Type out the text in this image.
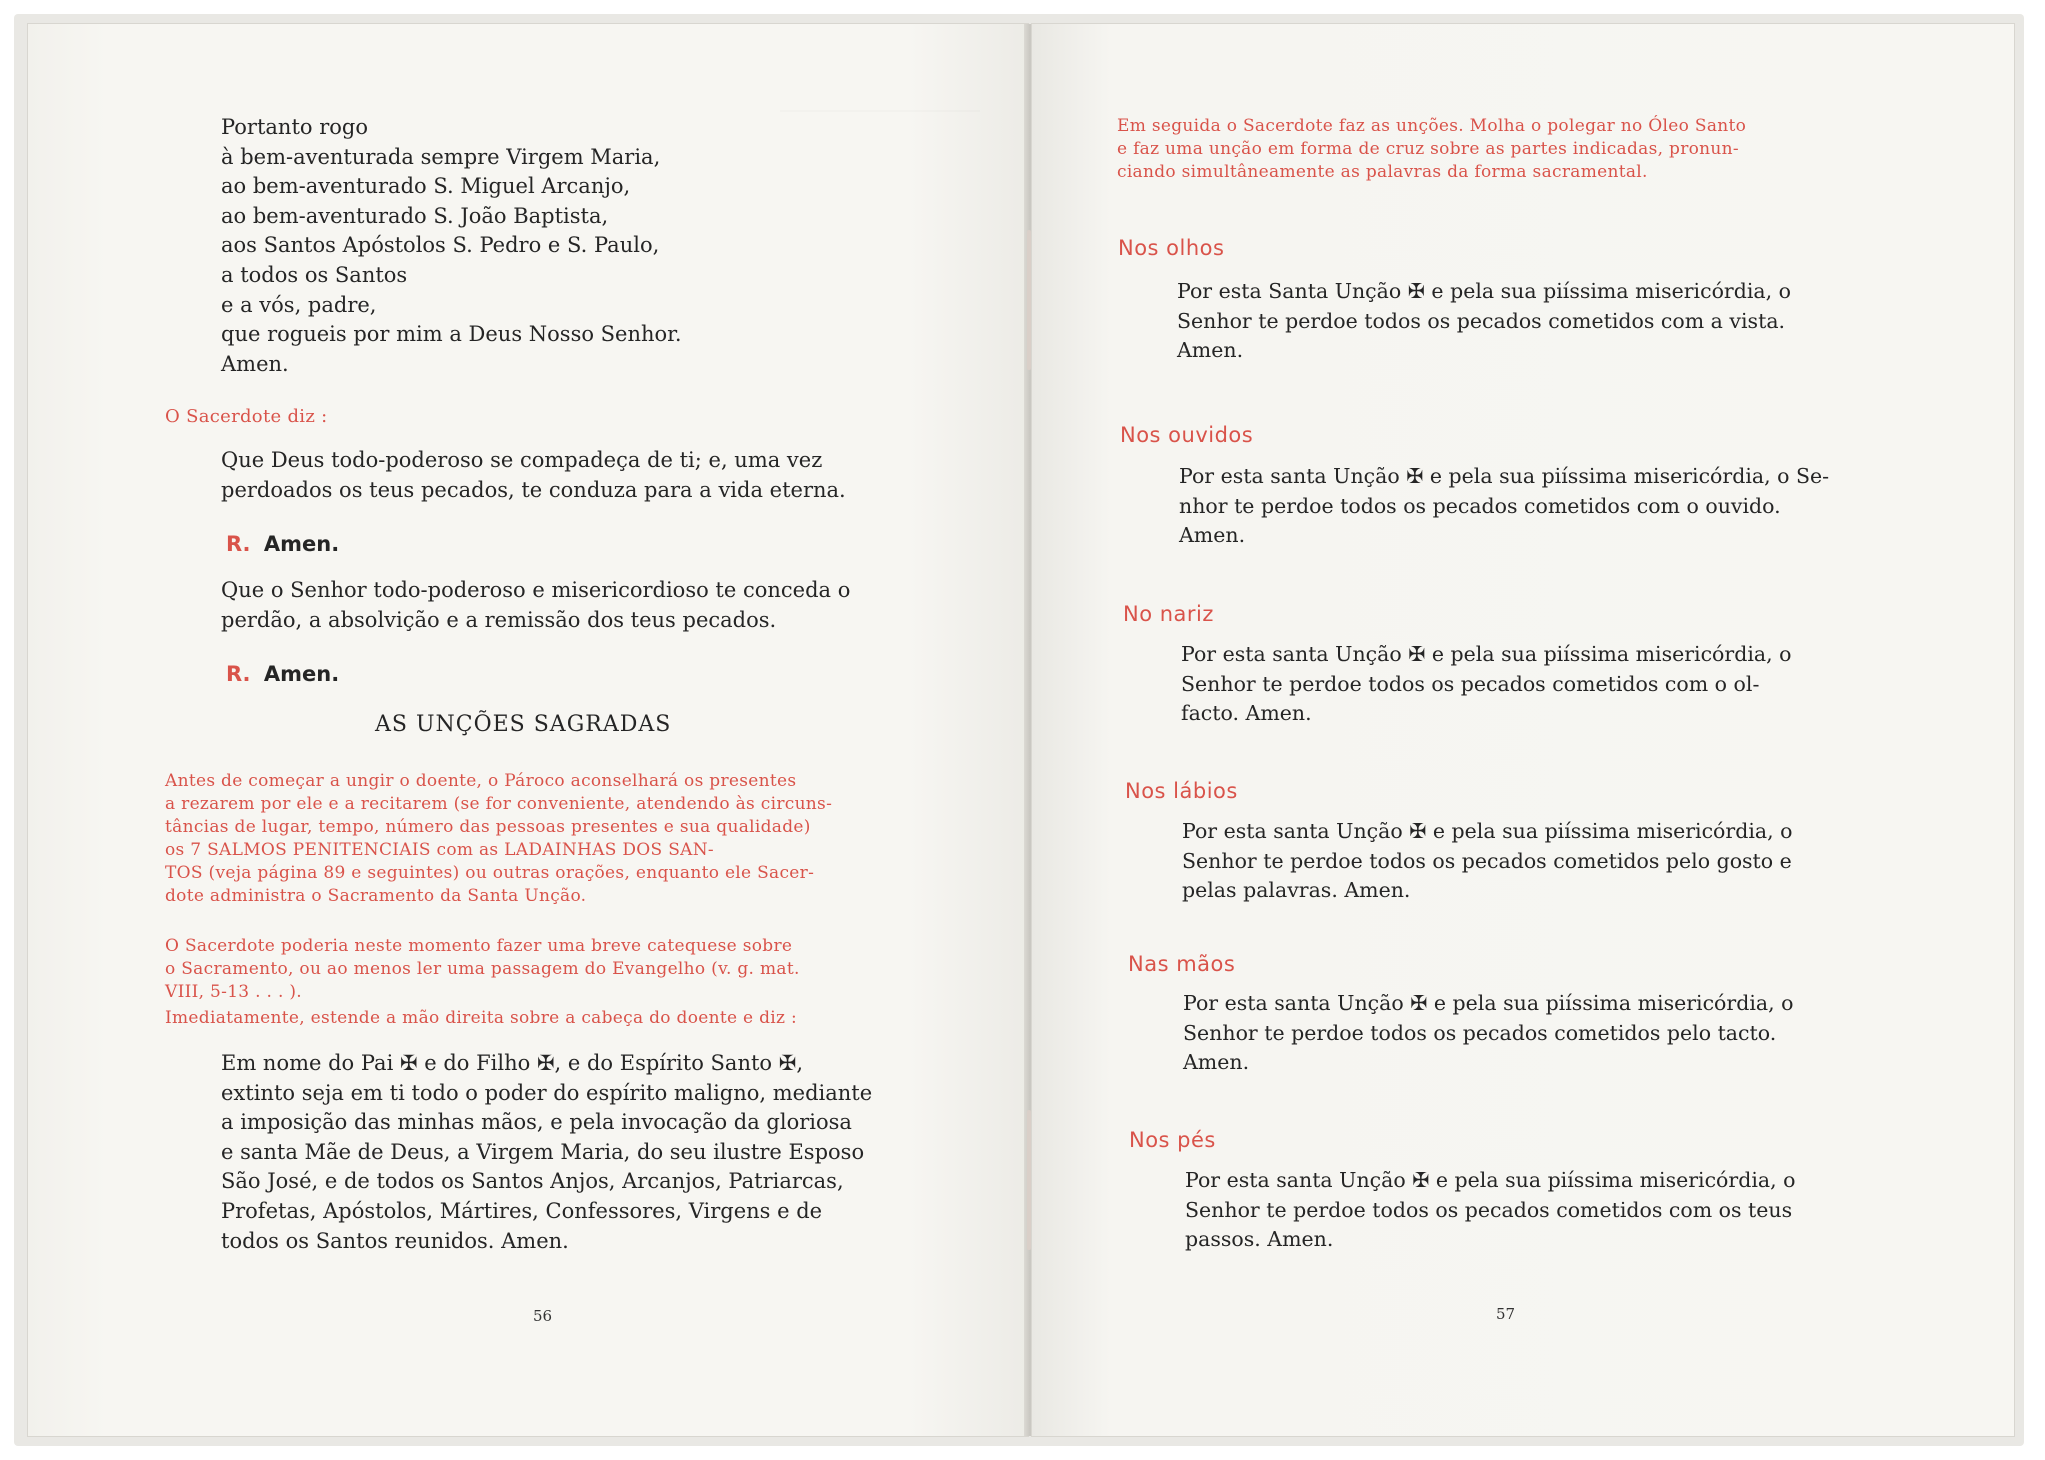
Portanto rogo
à bem-aventurada sempre Virgem Maria,
ao bem-aventurado S. Miguel Arcanjo,
ao bem-aventurado S. João Baptista,
aos Santos Apóstolos S. Pedro e S. Paulo,
a todos os Santos
e a vós, padre,
que rogueis por mim a Deus Nosso Senhor.
Amen.

O Sacerdote diz :

Que Deus todo-poderoso se compadeça de ti; e, uma vez
perdoados os teus pecados, te conduza para a vida eterna.

R. Amen.

Que o Senhor todo-poderoso e misericordioso te conceda o
perdão, a absolvição e a remissão dos teus pecados.

R. Amen.

AS UNÇÕES SAGRADAS

Antes de começar a ungir o doente, o Pároco aconselhará os presentes
a rezarem por ele e a recitarem (se for conveniente, atendendo às circuns-
tâncias de lugar, tempo, número das pessoas presentes e sua qualidade)
os 7 SALMOS PENITENCIAIS com as LADAINHAS DOS SAN-
TOS (veja página 89 e seguintes) ou outras orações, enquanto ele Sacer-
dote administra o Sacramento da Santa Unção.
O Sacerdote poderia neste momento fazer uma breve catequese sobre
o Sacramento, ou ao menos ler uma passagem do Evangelho (v. g. mat.
VIII, 5-13 . . . ).

Imediatamente, estende a mão direita sobre a cabeça do doente e diz :

Em nome do Pai ✠ e do Filho ✠, e do Espírito Santo ✠,
extinto seja em ti todo o poder do espírito maligno, mediante
a imposição das minhas mãos, e pela invocação da gloriosa
e santa Mãe de Deus, a Virgem Maria, do seu ilustre Esposo
São José, e de todos os Santos Anjos, Arcanjos, Patriarcas,
Profetas, Apóstolos, Mártires, Confessores, Virgens e de
todos os Santos reunidos. Amen.

56

Em seguida o Sacerdote faz as unções. Molha o polegar no Óleo Santo
e faz uma unção em forma de cruz sobre as partes indicadas, pronun-
ciando simultâneamente as palavras da forma sacramental.

Nos olhos

Por esta Santa Unção ✠ e pela sua piíssima misericórdia, o
Senhor te perdoe todos os pecados cometidos com a vista.
Amen.

Nos ouvidos

Por esta santa Unção ✠ e pela sua piíssima misericórdia, o Se-
nhor te perdoe todos os pecados cometidos com o ouvido.
Amen.

No nariz

Por esta santa Unção ✠ e pela sua piíssima misericórdia, o
Senhor te perdoe todos os pecados cometidos com o ol-
facto. Amen.

Nos lábios

Por esta santa Unção ✠ e pela sua piíssima misericórdia, o
Senhor te perdoe todos os pecados cometidos pelo gosto e
pelas palavras. Amen.

Nas mãos

Por esta santa Unção ✠ e pela sua piíssima misericórdia, o
Senhor te perdoe todos os pecados cometidos pelo tacto.
Amen.

Nos pés

Por esta santa Unção ✠ e pela sua piíssima misericórdia, o
Senhor te perdoe todos os pecados cometidos com os teus
passos. Amen.

57
